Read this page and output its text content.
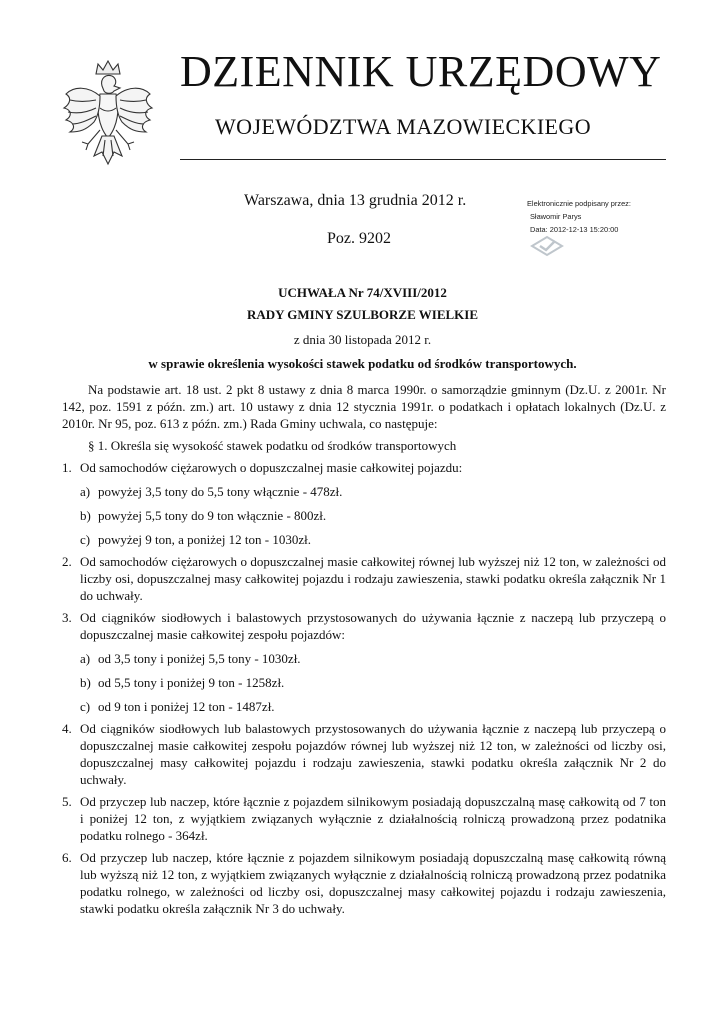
DZIENNIK URZĘDOWY
WOJEWÓDZTWA MAZOWIECKIEGO
Warszawa, dnia 13 grudnia 2012 r.
Poz. 9202
Elektronicznie podpisany przez:
Sławomir Parys
Data: 2012-12-13 15:20:00
UCHWAŁA Nr 74/XVIII/2012
RADY GMINY SZULBORZE WIELKIE
z dnia 30 listopada 2012 r.
w sprawie określenia wysokości stawek podatku od środków transportowych.

Na podstawie art. 18 ust. 2 pkt 8 ustawy z dnia 8 marca 1990r. o samorządzie gminnym (Dz.U. z 2001r. Nr 142, poz. 1591 z późn. zm.) art. 10 ustawy z dnia 12 stycznia 1991r. o podatkach i opłatach lokalnych (Dz.U. z 2010r. Nr 95, poz. 613 z późn. zm.) Rada Gminy uchwala, co następuje:

§ 1. Określa się wysokość stawek podatku od środków transportowych

1. Od samochodów ciężarowych o dopuszczalnej masie całkowitej pojazdu:
a) powyżej 3,5 tony do 5,5 tony włącznie - 478zł.
b) powyżej 5,5 tony do 9 ton włącznie - 800zł.
c) powyżej 9 ton, a poniżej 12 ton - 1030zł.
2. Od samochodów ciężarowych o dopuszczalnej masie całkowitej równej lub wyższej niż 12 ton, w zależności od liczby osi, dopuszczalnej masy całkowitej pojazdu i rodzaju zawieszenia, stawki podatku określa załącznik Nr 1 do uchwały.
3. Od ciągników siodłowych i balastowych przystosowanych do używania łącznie z naczepą lub przyczepą o dopuszczalnej masie całkowitej zespołu pojazdów:
a) od 3,5 tony i poniżej 5,5 tony - 1030zł.
b) od 5,5 tony i poniżej 9 ton - 1258zł.
c) od 9 ton i poniżej 12 ton - 1487zł.
4. Od ciągników siodłowych lub balastowych przystosowanych do używania łącznie z naczepą lub przyczepą o dopuszczalnej masie całkowitej zespołu pojazdów równej lub wyższej niż 12 ton, w zależności od liczby osi, dopuszczalnej masy całkowitej pojazdu i rodzaju zawieszenia, stawki podatku określa załącznik Nr 2 do uchwały.
5. Od przyczep lub naczep, które łącznie z pojazdem silnikowym posiadają dopuszczalną masę całkowitą od 7 ton i poniżej 12 ton, z wyjątkiem związanych wyłącznie z działalnością rolniczą prowadzoną przez podatnika podatku rolnego - 364zł.
6. Od przyczep lub naczep, które łącznie z pojazdem silnikowym posiadają dopuszczalną masę całkowitą równą lub wyższą niż 12 ton, z wyjątkiem związanych wyłącznie z działalnością rolniczą prowadzoną przez podatnika podatku rolnego, w zależności od liczby osi, dopuszczalnej masy całkowitej pojazdu i rodzaju zawieszenia, stawki podatku określa załącznik Nr 3 do uchwały.
